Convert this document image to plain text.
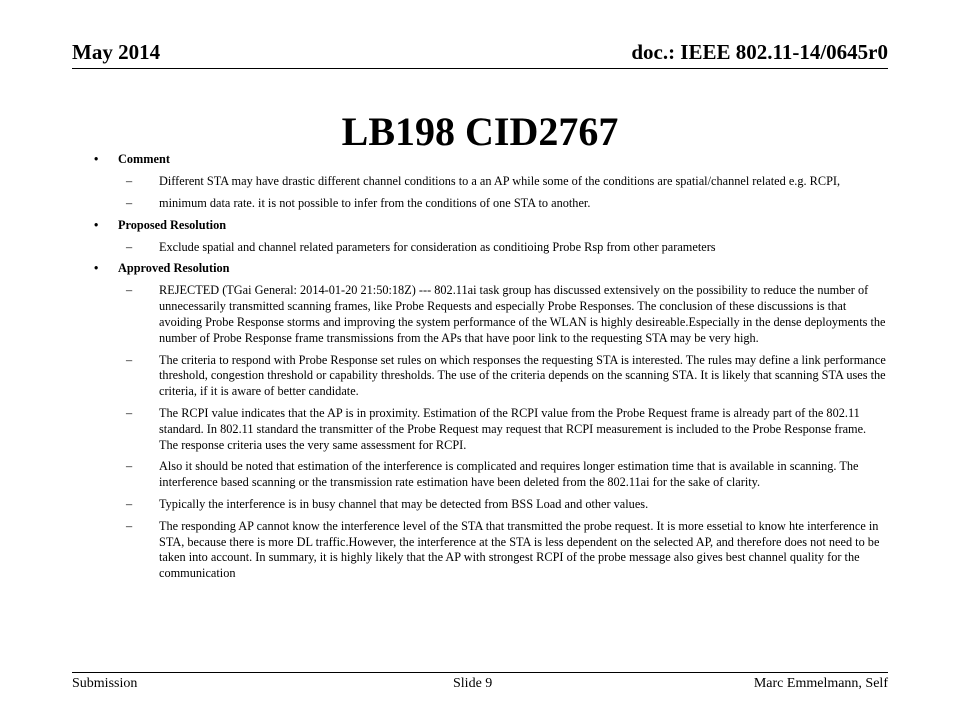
May 2014	doc.: IEEE 802.11-14/0645r0
LB198 CID2767
• Comment
– Different STA may have drastic different channel conditions to a an AP while some of the conditions are spatial/channel related e.g. RCPI,
– minimum data rate. it is not possible to infer from the conditions of one STA to another.
• Proposed Resolution
– Exclude spatial and channel related parameters for consideration as conditioing Probe Rsp from other parameters
• Approved Resolution
– REJECTED (TGai General: 2014-01-20 21:50:18Z) --- 802.11ai task group has discussed extensively on the possibility to reduce the number of unnecessarily transmitted scanning frames, like Probe Requests and especially Probe Responses. The conclusion of these discussions is that avoiding Probe Response storms and improving the system performance of the WLAN is highly desireable.Especially in the dense deployments the number of Probe Response frame transmissions from the APs that have poor link to the requesting STA may be very high.
– The criteria to respond with Probe Response set rules on which responses the requesting STA is interested. The rules may define a link performance threshold, congestion threshold or capability thresholds. The use of the criteria depends on the scanning STA. It is likely that scanning STA uses the criteria, if it is aware of better candidate.
– The RCPI value indicates that the AP is in proximity. Estimation of the RCPI value from the Probe Request frame is already part of the 802.11 standard. In 802.11 standard the transmitter of the Probe Request may request that RCPI measurement is included to the Probe Response frame. The response criteria uses the very same assessment for RCPI.
– Also it should be noted that estimation of the interference is complicated and requires longer estimation time that is available in scanning. The interference based scanning or the transmission rate estimation have been deleted from the 802.11ai for the sake of clarity.
– Typically the interference is in busy channel that may be detected from BSS Load and other values.
– The responding AP cannot know the interference level of the STA that transmitted the probe request. It is more essetial to know hte interference in STA, because there is more DL traffic.However, the interference at the STA is less dependent on the selected AP, and therefore does not need to be taken into account. In summary, it is highly likely that the AP with strongest RCPI of the probe message also gives best channel quality for the communication
Submission	Slide 9	Marc Emmelmann, Self
